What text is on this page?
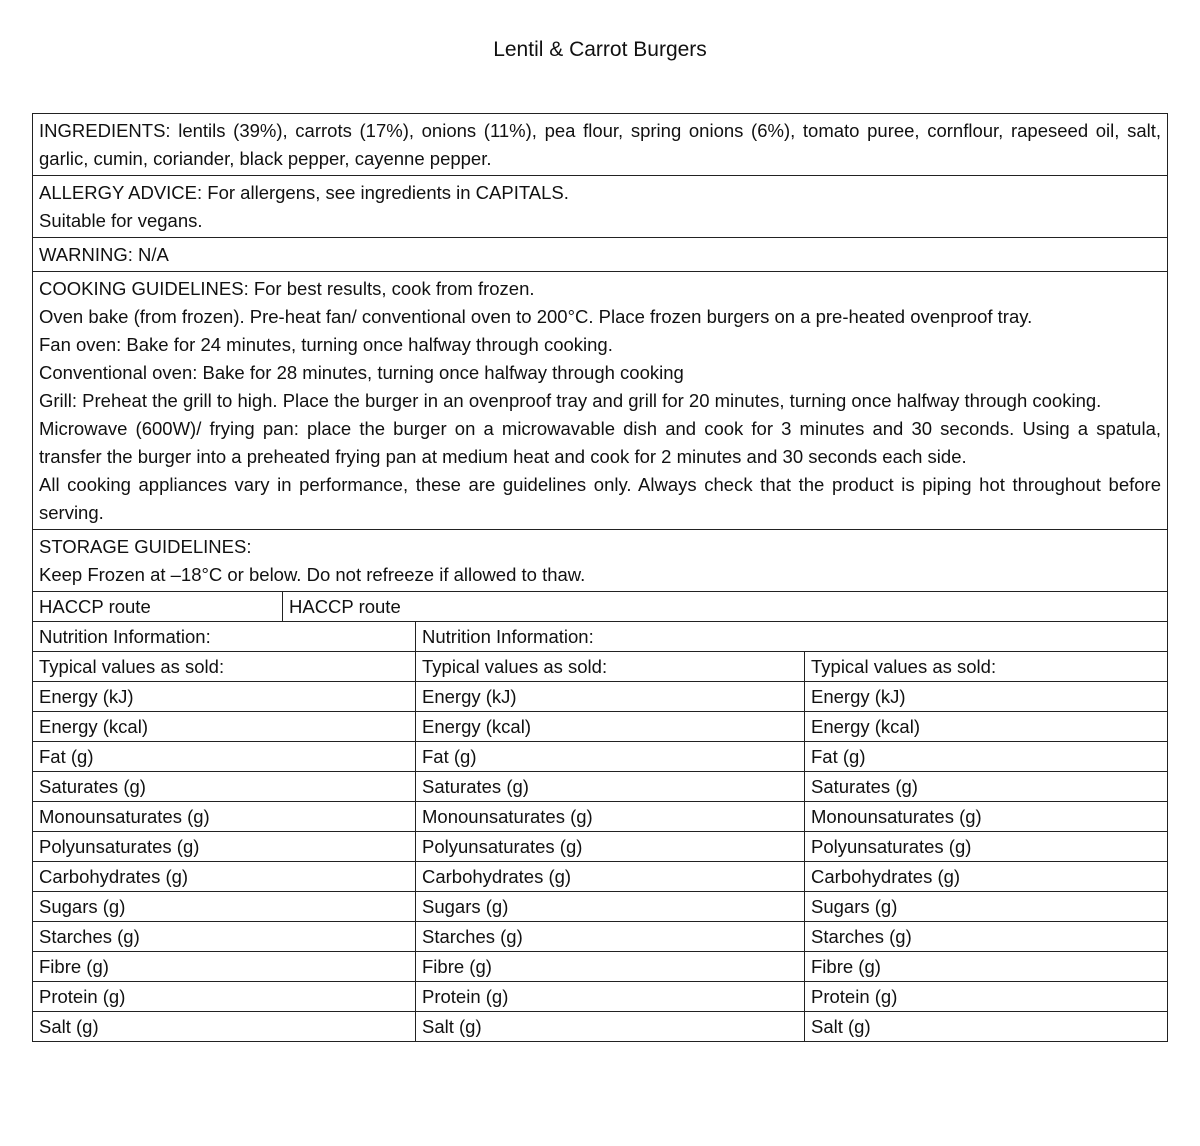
Lentil & Carrot Burgers

INGREDIENTS: lentils (39%), carrots (17%), onions (11%), pea flour, spring onions (6%), tomato puree, cornflour, rapeseed oil, salt, garlic, cumin, coriander, black pepper, cayenne pepper.

ALLERGY ADVICE: For allergens, see ingredients in CAPITALS.

Suitable for vegans.

WARNING: N/A

COOKING GUIDELINES: For best results, cook from frozen.

Oven bake (from frozen). Pre-heat fan/ conventional oven to 200°C. Place frozen burgers on a pre-heated ovenproof tray.

Fan oven: Bake for 24 minutes, turning once halfway through cooking.

Conventional oven: Bake for 28 minutes, turning once halfway through cooking

Grill: Preheat the grill to high. Place the burger in an ovenproof tray and grill for 20 minutes, turning once halfway through cooking.

Microwave (600W)/ frying pan: place the burger on a microwavable dish and cook for 3 minutes and 30 seconds. Using a spatula, transfer the burger into a preheated frying pan at medium heat and cook for 2 minutes and 30 seconds each side.

All cooking appliances vary in performance, these are guidelines only. Always check that the product is piping hot throughout before serving.

STORAGE GUIDELINES:

Keep Frozen at –18°C or below. Do not refreeze if allowed to thaw.

HACCP route	HACCP route
Nutrition Information:	Nutrition Information:
Typical values as sold:	Typical values as sold:	Typical values as sold:
Energy (kJ)	Energy (kJ)	Energy (kJ)
Energy (kcal)	Energy (kcal)	Energy (kcal)
Fat (g)	Fat (g)	Fat (g)
Saturates (g)	Saturates (g)	Saturates (g)
Monounsaturates (g)	Monounsaturates (g)	Monounsaturates (g)
Polyunsaturates (g)	Polyunsaturates (g)	Polyunsaturates (g)
Carbohydrates (g)	Carbohydrates (g)	Carbohydrates (g)
Sugars (g)	Sugars (g)	Sugars (g)
Starches (g)	Starches (g)	Starches (g)
Fibre (g)	Fibre (g)	Fibre (g)
Protein (g)	Protein (g)	Protein (g)
Salt (g)	Salt (g)	Salt (g)
